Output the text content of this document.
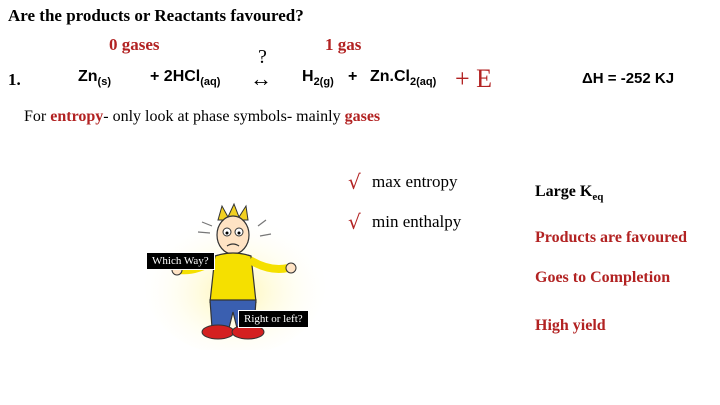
Are the products or Reactants favoured?
0 gases	1 gas
?
1.	$Zn_{(s)} + 2HCl_{(aq)}$ ↔ $H_{2(g)} + Zn.Cl_{2(aq)} + E$	ΔH = -252 KJ
For entropy- only look at phase symbols- mainly gases
√ max entropy
√ min enthalpy
Large $K_{eq}$
Products are favoured
Goes to Completion
High yield
Which Way?
Right or left?
